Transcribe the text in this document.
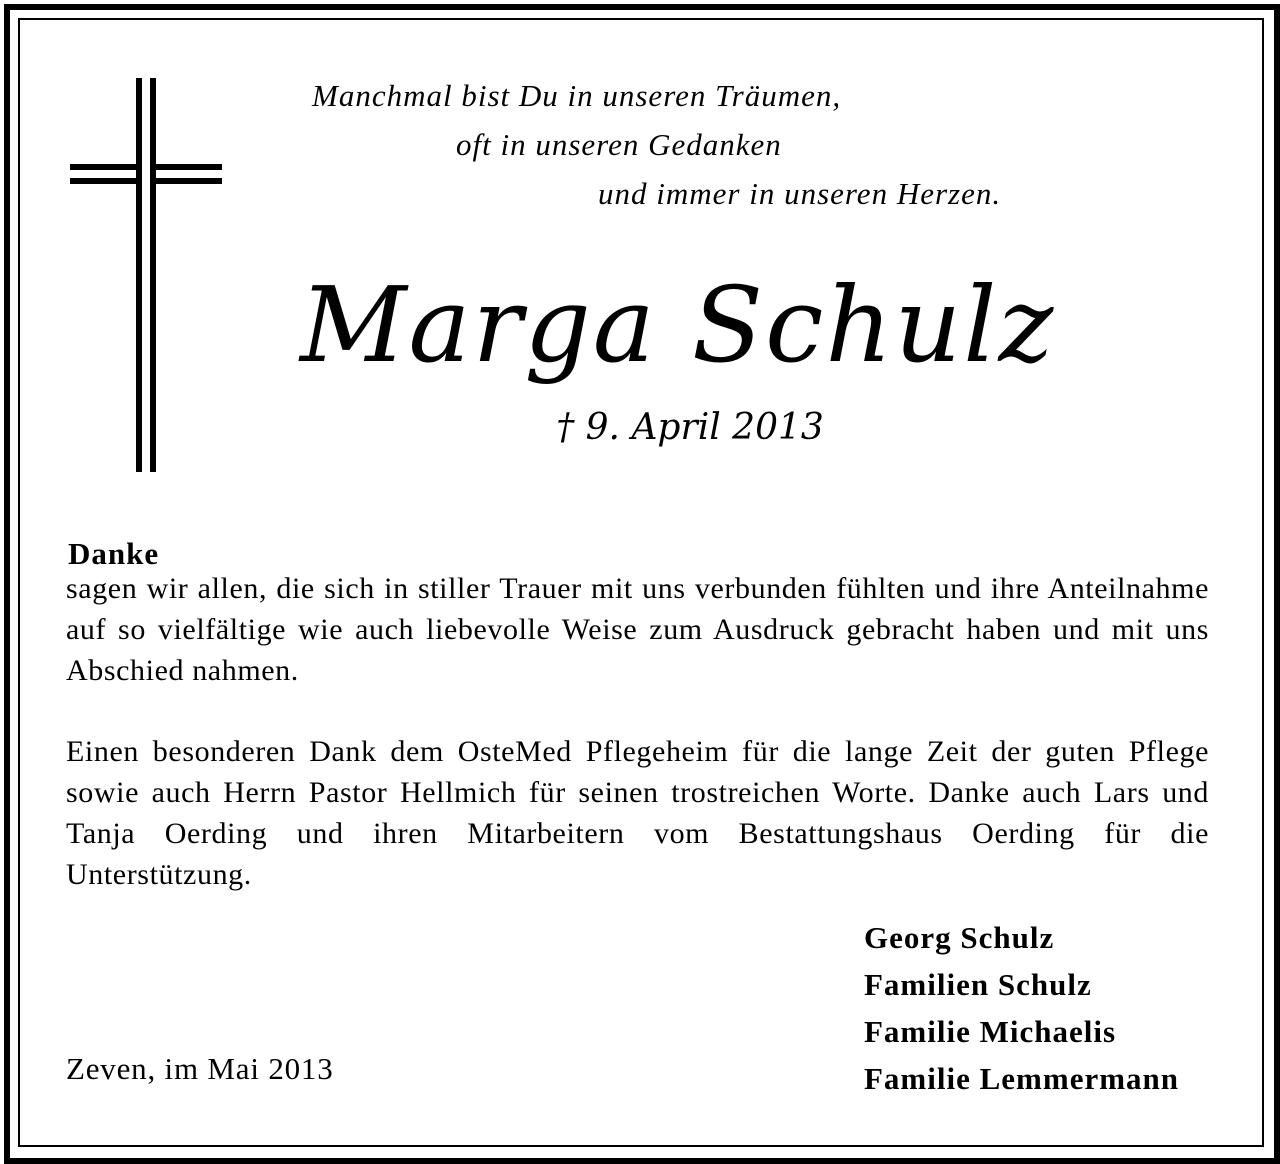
Manchmal bist Du in unseren Träumen,
oft in unseren Gedanken
und immer in unseren Herzen.
Marga Schulz
† 9. April 2013
Danke

sagen wir allen, die sich in stiller Trauer mit uns verbunden fühlten und ihre Anteilnahme auf so vielfältige wie auch liebevolle Weise zum Ausdruck gebracht haben und mit uns Abschied nahmen.

Einen besonderen Dank dem OsteMed Pflegeheim für die lange Zeit der guten Pflege sowie auch Herrn Pastor Hellmich für seinen trostreichen Worte. Danke auch Lars und Tanja Oerding und ihren Mitarbeitern vom Bestattungshaus Oerding für die Unterstützung.

Georg Schulz
Familien Schulz
Familie Michaelis
Familie Lemmermann
Zeven, im Mai 2013
